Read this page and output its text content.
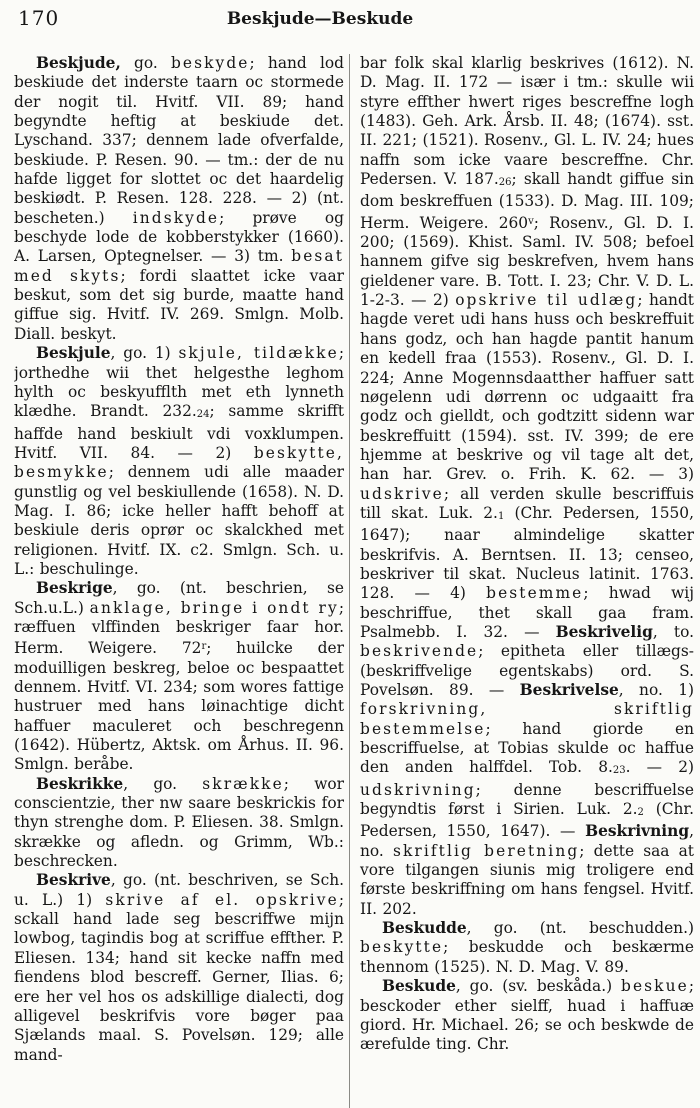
170	Beskjude—Beskude

Beskjude, go. beskyde; hand lod beskiude det inderste taarn oc stormede der nogit til. Hvitf. VII. 89; hand begyndte heftig at beskiude det. Lyschand. 337; dennem lade ofverfalde, beskiude. P. Resen. 90. — tm.: der de nu hafde ligget for slottet oc det haardelig beskiødt. P. Resen. 128. 228. — 2) (nt. bescheten.) indskyde; prøve og beschyde lode de kobberstykker (1660). A. Larsen, Optegnelser. — 3) tm. besat med skyts; fordi slaattet icke vaar beskut, som det sig burde, maatte hand giffue sig. Hvitf. IV. 269. Smlgn. Molb. Diall. beskyt.

Beskjule, go. 1) skjule, tildække; jorthedhe wii thet helgesthe leghom hylth oc beskyufflth met eth lynneth klædhe. Brandt. 232.24; samme skrifft haffde hand beskiult vdi voxklumpen. Hvitf. VII. 84. — 2) beskytte, besmykke; dennem udi alle maader gunstlig og vel beskiullende (1658). N. D. Mag. I. 86; icke heller hafft behoff at beskiule deris oprør oc skalckhed met religionen. Hvitf. IX. c2. Smlgn. Sch. u. L.: beschulinge.

Beskrige, go. (nt. beschrien, se Sch.u.L.) anklage, bringe i ondt ry; ræffuen vlffinden beskriger faar hor. Herm. Weigere. 72$^r$; huilcke der moduilligen beskreg, beloe oc bespaattet dennem. Hvitf. VI. 234; som wores fattige hustruer med hans løinachtige dicht haffuer maculeret och beschregenn (1642). Hübertz, Aktsk. om Århus. II. 96. Smlgn. beråbe.

Beskrikke, go. skrække; wor conscientzie, ther nw saare beskrickis for thyn strenghe dom. P. Eliesen. 38. Smlgn. skrække og afledn. og Grimm, Wb.: beschrecken.

Beskrive, go. (nt. beschriven, se Sch. u. L.) 1) skrive af el. opskrive; sckall hand lade seg bescriffwe mijn lowbog, tagindis bog at scriffue effther. P. Eliesen. 134; hand sit kecke naffn med fiendens blod bescreff. Gerner, Ilias. 6; ere her vel hos os adskillige dialecti, dog alligevel beskrifvis vore bøger paa Sjælands maal. S. Povelsøn. 129; alle mand-

bar folk skal klarlig beskrives (1612). N. D. Mag. II. 172 — især i tm.: skulle wii styre effther hwert riges bescreffne logh (1483). Geh. Ark. Årsb. II. 48; (1674). sst. II. 221; (1521). Rosenv., Gl. L. IV. 24; hues naffn som icke vaare bescreffne. Chr. Pedersen. V. 187.26; skall handt giffue sin dom beskreffuen (1533). D. Mag. III. 109; Herm. Weigere. 260$^v$; Rosenv., Gl. D. I. 200; (1569). Khist. Saml. IV. 508; befoel hannem gifve sig beskrefven, hvem hans gieldener vare. B. Tott. I. 23; Chr. V. D. L. 1-2-3. — 2) opskrive til udlæg; handt hagde veret udi hans huss och beskreffuit hans godz, och han hagde pantit hanum en kedell fraa (1553). Rosenv., Gl. D. I. 224; Anne Mogennsdaatther haffuer satt nøgelenn udi dørrenn oc udgaaitt fra godz och gielldt, och godtzitt sidenn war beskreffuitt (1594). sst. IV. 399; de ere hjemme at beskrive og vil tage alt det, han har. Grev. o. Frih. K. 62. — 3) udskrive; all verden skulle bescriffuis till skat. Luk. 2.1 (Chr. Pedersen, 1550, 1647); naar almindelige skatter beskrifvis. A. Berntsen. II. 13; censeo, beskriver til skat. Nucleus latinit. 1763. 128. — 4) bestemme; hwad wij beschriffue, thet skall gaa fram. Psalmebb. I. 32. — Beskrivelig, to. beskrivende; epitheta eller tillægs- (beskriffvelige egentskabs) ord. S. Povelsøn. 89. — Beskrivelse, no. 1) forskrivning, skriftlig bestemmelse; hand giorde en bescriffuelse, at Tobias skulde oc haffue den anden halffdel. Tob. 8.23. — 2) udskrivning; denne bescriffuelse begyndtis først i Sirien. Luk. 2.2 (Chr. Pedersen, 1550, 1647). — Beskrivning, no. skriftlig beretning; dette saa at vore tilgangen siunis mig troligere end første beskriffning om hans fengsel. Hvitf. II. 202.

Beskudde, go. (nt. beschudden.) beskytte; beskudde och beskærme thennom (1525). N. D. Mag. V. 89.

Beskude, go. (sv. beskåda.) beskue; besckoder ether sielff, huad i haffuæ giord. Hr. Michael. 26; se och beskwde de ærefulde ting. Chr.
